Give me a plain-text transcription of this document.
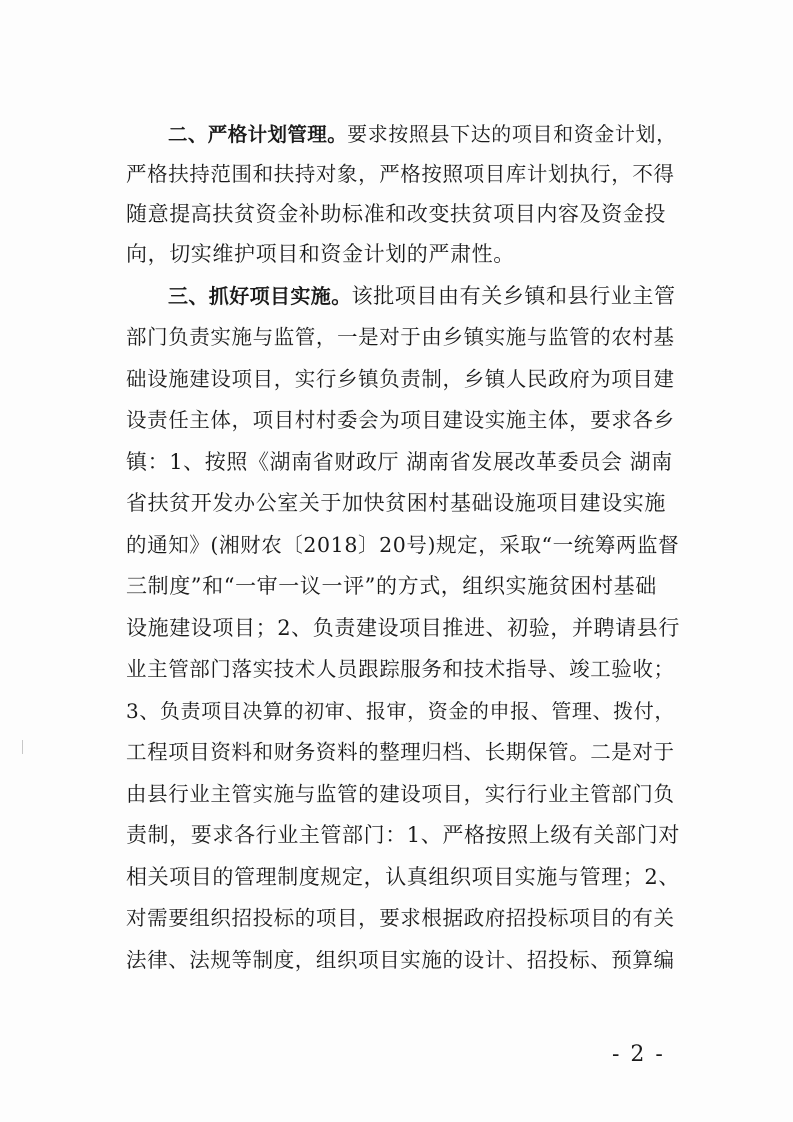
二、严格计划管理。要求按照县下达的项目和资金计划，
严格扶持范围和扶持对象，严格按照项目库计划执行，不得
随意提高扶贫资金补助标准和改变扶贫项目内容及资金投
向，切实维护项目和资金计划的严肃性。
三、抓好项目实施。该批项目由有关乡镇和县行业主管
部门负责实施与监管，一是对于由乡镇实施与监管的农村基
础设施建设项目，实行乡镇负责制，乡镇人民政府为项目建
设责任主体，项目村村委会为项目建设实施主体，要求各乡
镇：1、按照《湖南省财政厅 湖南省发展改革委员会 湖南
省扶贫开发办公室关于加快贫困村基础设施项目建设实施
的通知》(湘财农〔2018〕20号)规定，采取“一统筹两监督
三制度”和“一审一议一评”的方式，组织实施贫困村基础
设施建设项目；2、负责建设项目推进、初验，并聘请县行
业主管部门落实技术人员跟踪服务和技术指导、竣工验收；
3、负责项目决算的初审、报审，资金的申报、管理、拨付，
工程项目资料和财务资料的整理归档、长期保管。二是对于
由县行业主管实施与监管的建设项目，实行行业主管部门负
责制，要求各行业主管部门：1、严格按照上级有关部门对
相关项目的管理制度规定，认真组织项目实施与管理；2、
对需要组织招投标的项目，要求根据政府招投标项目的有关
法律、法规等制度，组织项目实施的设计、招投标、预算编
- 2 -
